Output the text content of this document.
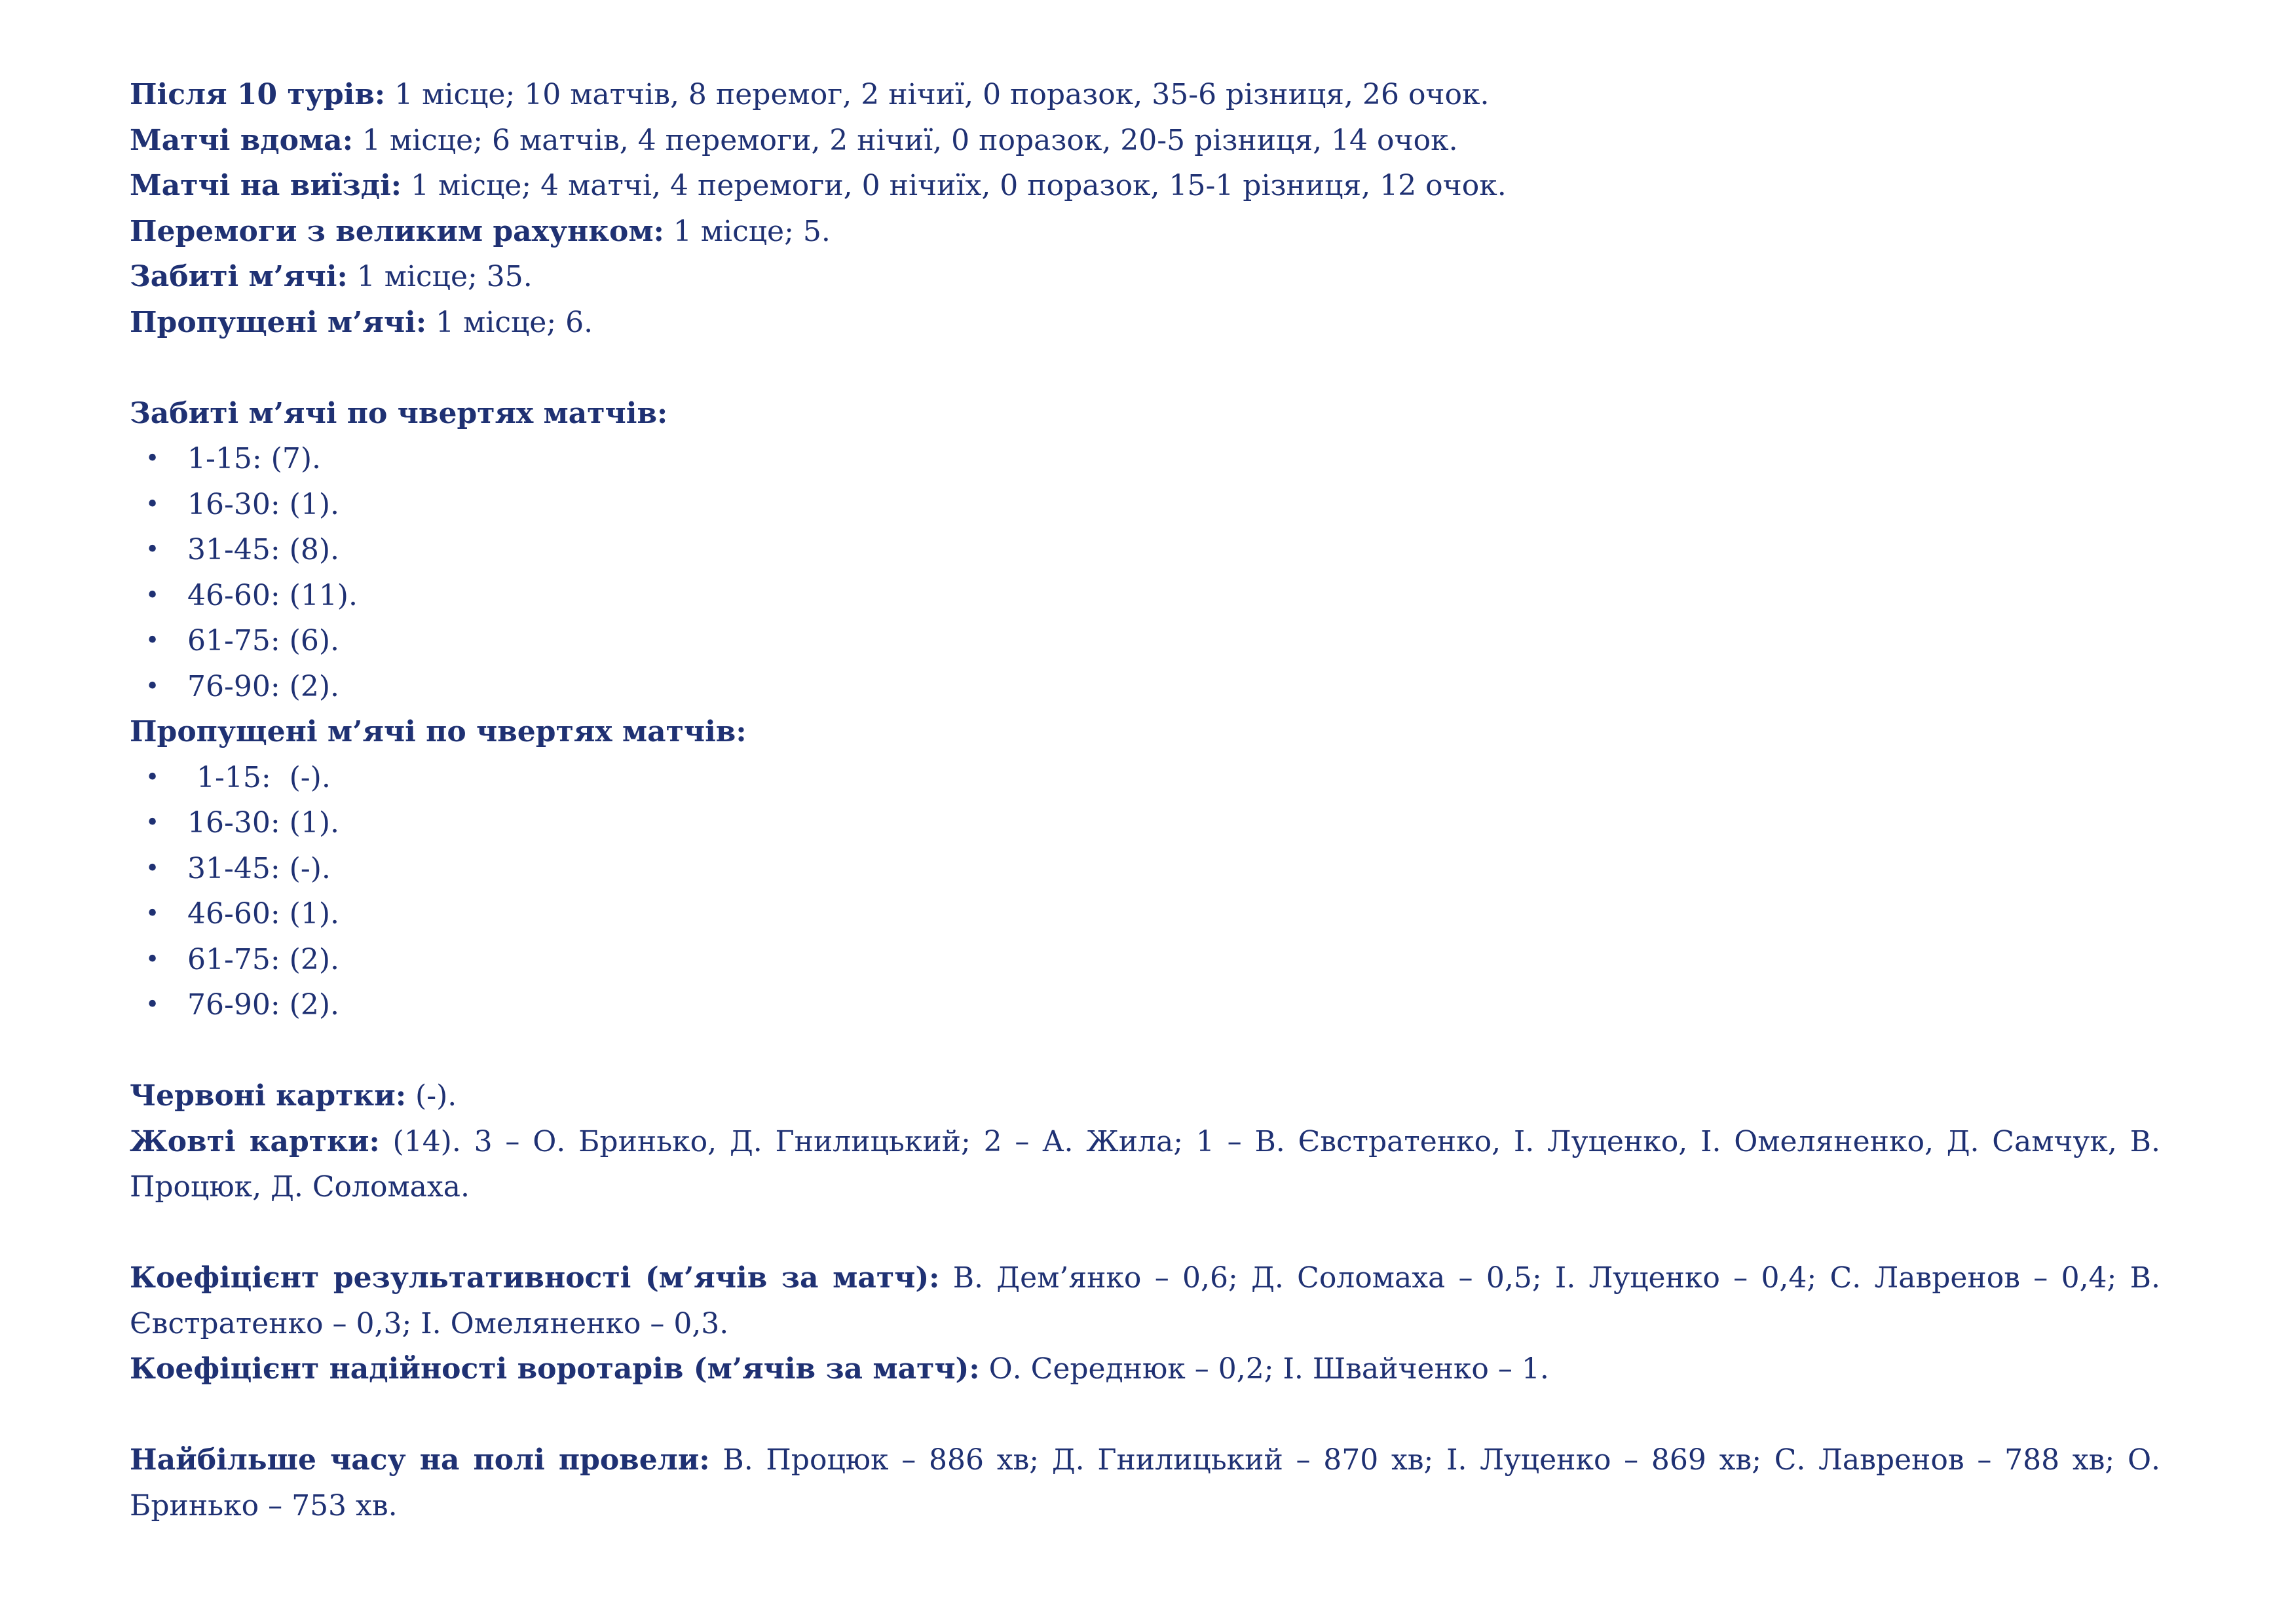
Після 10 турів: 1 місце; 10 матчів, 8 перемог, 2 нічиї, 0 поразок, 35-6 різниця, 26 очок.

Матчі вдома: 1 місце; 6 матчів, 4 перемоги, 2 нічиї, 0 поразок, 20-5 різниця, 14 очок.

Матчі на виїзді: 1 місце; 4 матчі, 4 перемоги, 0 нічиїх, 0 поразок, 15-1 різниця, 12 очок.

Перемоги з великим рахунком: 1 місце; 5.

Забиті м’ячі: 1 місце; 35.

Пропущені м’ячі: 1 місце; 6.

Забиті м’ячі по чвертях матчів:

• 1-15: (7).
• 16-30: (1).
• 31-45: (8).
• 46-60: (11).
• 61-75: (6).
• 76-90: (2).

Пропущені м’ячі по чвертях матчів:

• 1-15:  (-).
• 16-30: (1).
• 31-45: (-).
• 46-60: (1).
• 61-75: (2).
• 76-90: (2).

Червоні картки: (-).

Жовті картки: (14). 3 – О. Бринько, Д. Гнилицький; 2 – А. Жила; 1 – В. Євстратенко, І. Луценко, І. Омеляненко, Д. Самчук, В. Процюк, Д. Соломаха.

Коефіцієнт результативності (м’ячів за матч): В. Дем’янко – 0,6; Д. Соломаха – 0,5; І. Луценко – 0,4; С. Лавренов – 0,4; В. Євстратенко – 0,3; І. Омеляненко – 0,3.

Коефіцієнт надійності воротарів (м’ячів за матч): О. Середнюк – 0,2; І. Швайченко – 1.

Найбільше часу на полі провели: В. Процюк – 886 хв; Д. Гнилицький – 870 хв; І. Луценко – 869 хв; С. Лавренов – 788 хв; О. Бринько – 753 хв.
